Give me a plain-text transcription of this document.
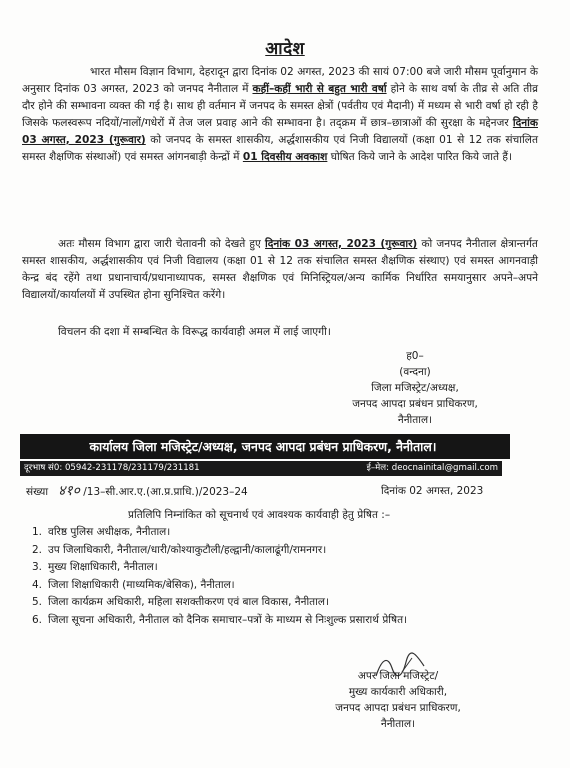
आदेश
भारत मौसम विज्ञान विभाग, देहरादून द्वारा दिनांक 02 अगस्त, 2023 की सायं 07:00 बजे जारी मौसम पूर्वानुमान के अनुसार दिनांक 03 अगस्त, 2023 को जनपद नैनीताल में कहीं–कहीं भारी से बहुत भारी वर्षा होने के साथ वर्षा के तीव्र से अति तीव्र दौर होने की सम्भावना व्यक्त की गई है। साथ ही वर्तमान में जनपद के समस्त क्षेत्रों (पर्वतीय एवं मैदानी) में मध्यम से भारी वर्षा हो रही है जिसके फलस्वरूप नदियों/नालों/गधेरों में तेज जल प्रवाह आने की सम्भावना है। तद्क्रम में छात्र–छात्राओं की सुरक्षा के मद्देनजर दिनांक 03 अगस्त, 2023 (गुरूवार) को जनपद के समस्त शासकीय, अर्द्धशासकीय एवं निजी विद्यालयों (कक्षा 01 से 12 तक संचालित समस्त शैक्षणिक संस्थाओं) एवं समस्त आंगनबाड़ी केन्द्रों में 01 दिवसीय अवकाश घोषित किये जाने के आदेश पारित किये जाते हैं।
अतः मौसम विभाग द्वारा जारी चेतावनी को देखते हुए दिनांक 03 अगस्त, 2023 (गुरूवार) को जनपद नैनीताल क्षेत्रान्तर्गत समस्त शासकीय, अर्द्धशासकीय एवं निजी विद्यालय (कक्षा 01 से 12 तक संचालित समस्त शैक्षणिक संस्थाए) एवं समस्त आगनवाड़ी केन्द्र बंद रहेंगे तथा प्रधानाचार्य/प्रधानाध्यापक, समस्त शैक्षणिक एवं मिनिस्ट्रियल/अन्य कार्मिक निर्धारित समयानुसार अपने–अपने विद्यालयों/कार्यालयों में उपस्थित होना सुनिश्चित करेंगे।
विचलन की दशा में सम्बन्धित के विरूद्ध कार्यवाही अमल में लाई जाएगी।
ह0–
(वन्दना)
जिला मजिस्ट्रेट/अध्यक्ष,
जनपद आपदा प्रबंधन प्राधिकरण,
नैनीताल।
कार्यालय जिला मजिस्ट्रेट/अध्यक्ष, जनपद आपदा प्रबंधन प्राधिकरण, नैनीताल।
दूरभाष सं0: 05942-231178/231179/231181	ई–मेल: deocnainital@gmail.com
संख्या ४१० /13–सी.आर.ए.(आ.प्र.प्राधि.)/2023–24	दिनांक 02 अगस्त, 2023
प्रतिलिपि निम्नांकित को सूचनार्थ एवं आवश्यक कार्यवाही हेतु प्रेषित :–
1. वरिष्ठ पुलिस अधीक्षक, नैनीताल।
2. उप जिलाधिकारी, नैनीताल/धारी/कोश्याकुटौली/हल्द्वानी/कालाढूंगी/रामनगर।
3. मुख्य शिक्षाधिकारी, नैनीताल।
4. जिला शिक्षाधिकारी (माध्यमिक/बेसिक), नैनीताल।
5. जिला कार्यक्रम अधिकारी, महिला सशक्तीकरण एवं बाल विकास, नैनीताल।
6. जिला सूचना अधिकारी, नैनीताल को दैनिक समाचार–पत्रों के माध्यम से निःशुल्क प्रसारार्थ प्रेषित।
अपर जिला मजिस्ट्रेट/
मुख्य कार्यकारी अधिकारी,
जनपद आपदा प्रबंधन प्राधिकरण,
नैनीताल।
